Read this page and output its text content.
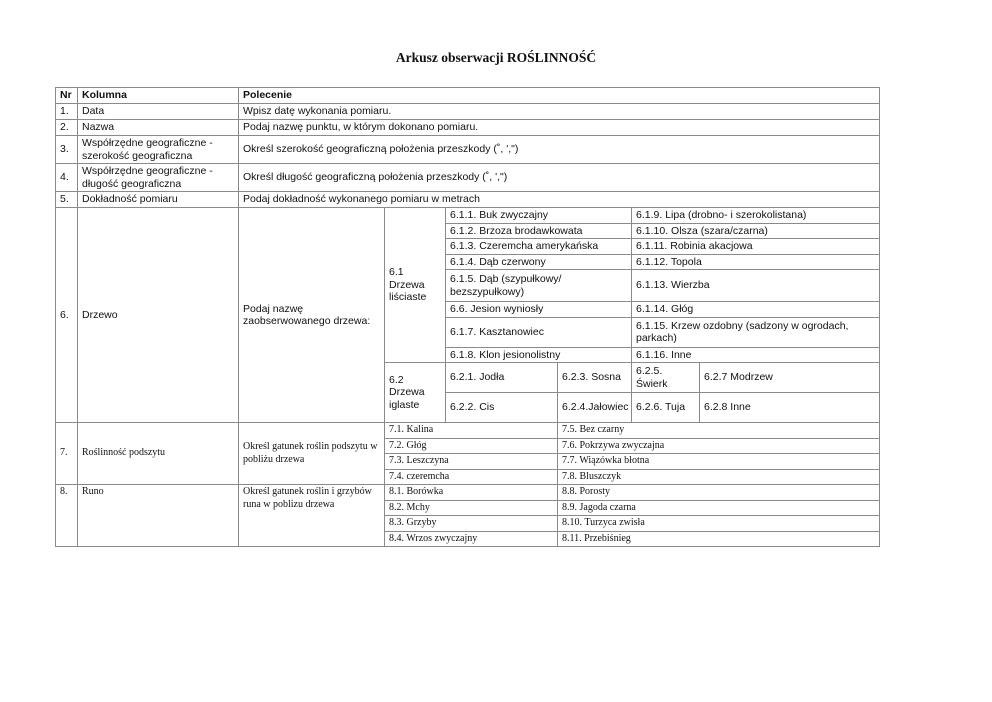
Arkusz obserwacji ROŚLINNOŚĆ
Nr	Kolumna	Polecenie					
1.	Data	Wpisz datę wykonania pomiaru.					
2.	Nazwa	Podaj nazwę punktu, w którym dokonano pomiaru.					
3.	Współrzędne geograficzne - szerokość geograficzna	Określ szerokość geograficzną położenia przeszkody (˚, ',")					
4.	Współrzędne geograficzne - długość geograficzna	Określ długość geograficzną położenia przeszkody (˚, ',")					
5.	Dokładność pomiaru	Podaj dokładność wykonanego pomiaru w metrach					
6.	Drzewo	Podaj nazwę zaobserwowanego drzewa:	6.1 Drzewa liściaste	6.1.1. Buk zwyczajny		6.1.9. Lipa (drobno- i szerokolistana)	
				6.1.2. Brzoza brodawkowata		6.1.10. Olsza (szara/czarna)	
				6.1.3. Czeremcha amerykańska		6.1.11. Robinia akacjowa	
				6.1.4. Dąb czerwony		6.1.12. Topola	
				6.1.5. Dąb (szypułkowy/ bezszypułkowy)		6.1.13. Wierzba	
				6.6. Jesion wyniosły		6.1.14. Głóg	
				6.1.7. Kasztanowiec		6.1.15. Krzew ozdobny (sadzony w ogrodach, parkach)	
				6.1.8. Klon jesionolistny		6.1.16. Inne	
			6.2 Drzewa iglaste	6.2.1. Jodła	6.2.3. Sosna	6.2.5. Świerk	6.2.7 Modrzew
				6.2.2. Cis	6.2.4.Jałowiec	6.2.6. Tuja	6.2.8 Inne
7.	Roślinność podszytu	Określ gatunek roślin podszytu w pobliżu drzewa	7.1. Kalina		7.5. Bez czarny		
			7.2. Głóg		7.6. Pokrzywa zwyczajna		
			7.3. Leszczyna		7.7. Wiązówka błotna		
			7.4. czeremcha		7.8. Bluszczyk		
8.	Runo	Określ gatunek roślin i grzybów runa w poblizu drzewa	8.1. Borówka		8.8. Porosty		
			8.2. Mchy		8.9. Jagoda czarna		
			8.3. Grzyby		8.10. Turzyca zwisła		
			8.4. Wrzos zwyczajny		8.11. Przebiśnieg		
